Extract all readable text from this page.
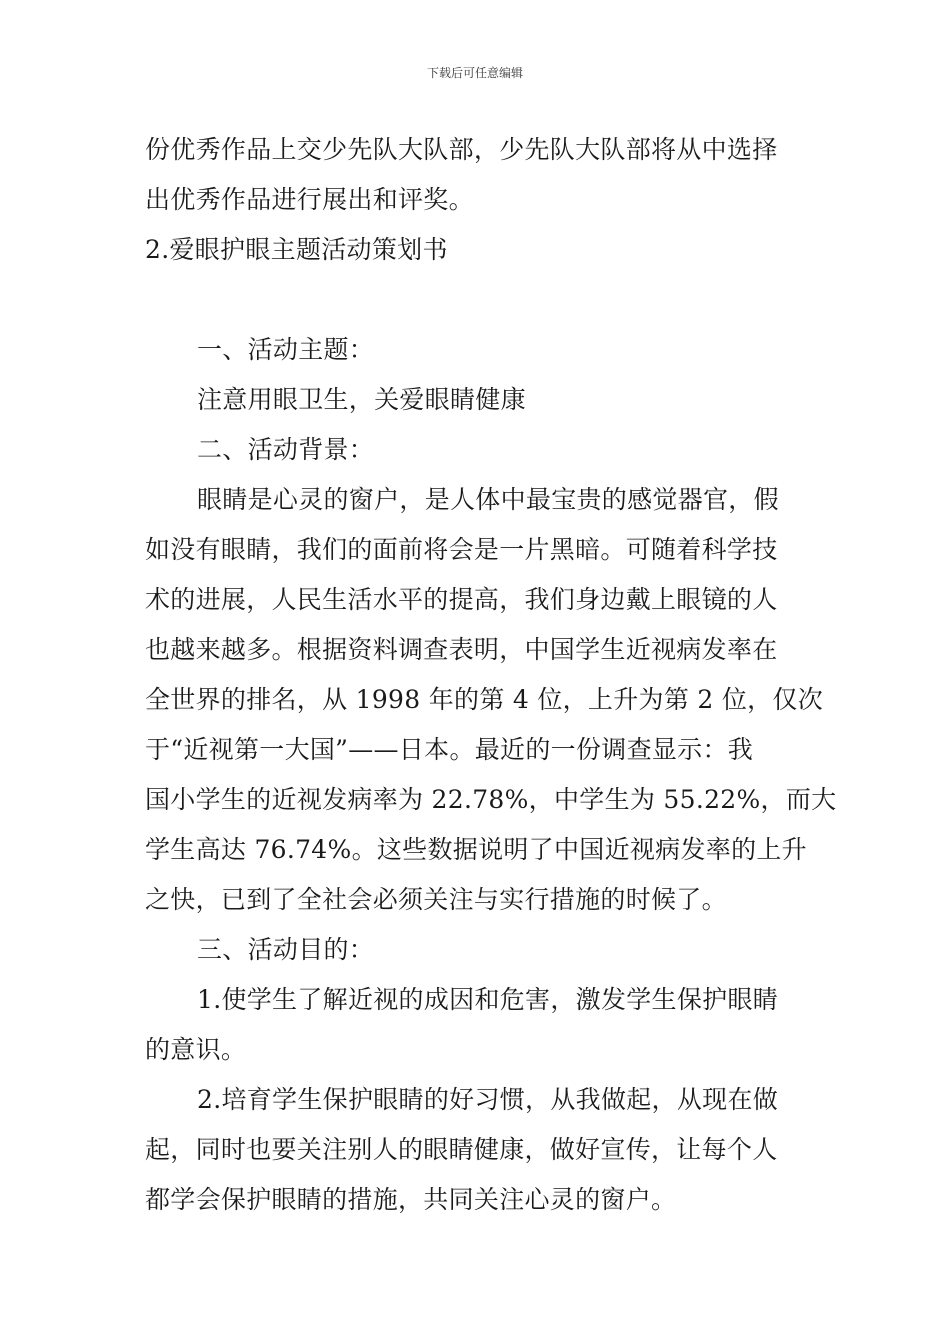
下载后可任意编辑
份优秀作品上交少先队大队部，少先队大队部将从中选择
出优秀作品进行展出和评奖。
2.爱眼护眼主题活动策划书
一、活动主题：
注意用眼卫生，关爱眼睛健康
二、活动背景：
眼睛是心灵的窗户，是人体中最宝贵的感觉器官，假
如没有眼睛，我们的面前将会是一片黑暗。可随着科学技
术的进展，人民生活水平的提高，我们身边戴上眼镜的人
也越来越多。根据资料调查表明，中国学生近视病发率在
全世界的排名，从 1998 年的第 4 位，上升为第 2 位，仅次
于“近视第一大国”——日本。最近的一份调查显示：我
国小学生的近视发病率为 22.78%，中学生为 55.22%，而大
学生高达 76.74%。这些数据说明了中国近视病发率的上升
之快，已到了全社会必须关注与实行措施的时候了。
三、活动目的：
1.使学生了解近视的成因和危害，激发学生保护眼睛
的意识。
2.培育学生保护眼睛的好习惯，从我做起，从现在做
起，同时也要关注别人的眼睛健康，做好宣传，让每个人
都学会保护眼睛的措施，共同关注心灵的窗户。
